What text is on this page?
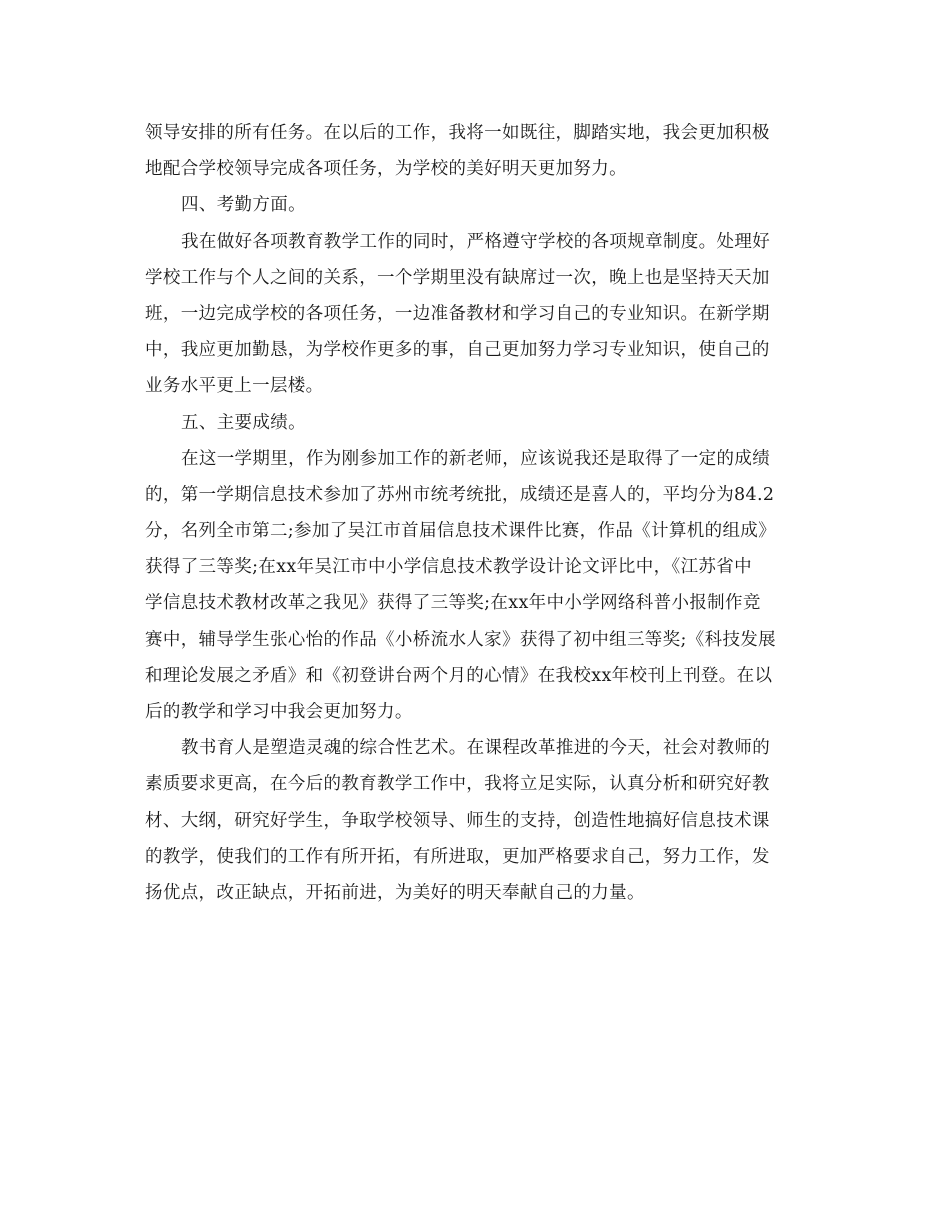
领导安排的所有任务。在以后的工作，我将一如既往，脚踏实地，我会更加积极
地配合学校领导完成各项任务，为学校的美好明天更加努力。
四、考勤方面。
我在做好各项教育教学工作的同时，严格遵守学校的各项规章制度。处理好
学校工作与个人之间的关系，一个学期里没有缺席过一次，晚上也是坚持天天加
班，一边完成学校的各项任务，一边准备教材和学习自己的专业知识。在新学期
中，我应更加勤恳，为学校作更多的事，自己更加努力学习专业知识，使自己的
业务水平更上一层楼。
五、主要成绩。
在这一学期里，作为刚参加工作的新老师，应该说我还是取得了一定的成绩
的，第一学期信息技术参加了苏州市统考统批，成绩还是喜人的，平均分为84.2
分，名列全市第二;参加了吴江市首届信息技术课件比赛，作品《计算机的组成》
获得了三等奖;在xx年吴江市中小学信息技术教学设计论文评比中，《江苏省中
学信息技术教材改革之我见》获得了三等奖;在xx年中小学网络科普小报制作竞
赛中，辅导学生张心怡的作品《小桥流水人家》获得了初中组三等奖;《科技发展
和理论发展之矛盾》和《初登讲台两个月的心情》在我校xx年校刊上刊登。在以
后的教学和学习中我会更加努力。
教书育人是塑造灵魂的综合性艺术。在课程改革推进的今天，社会对教师的
素质要求更高，在今后的教育教学工作中，我将立足实际，认真分析和研究好教
材、大纲，研究好学生，争取学校领导、师生的支持，创造性地搞好信息技术课
的教学，使我们的工作有所开拓，有所进取，更加严格要求自己，努力工作，发
扬优点，改正缺点，开拓前进，为美好的明天奉献自己的力量。
